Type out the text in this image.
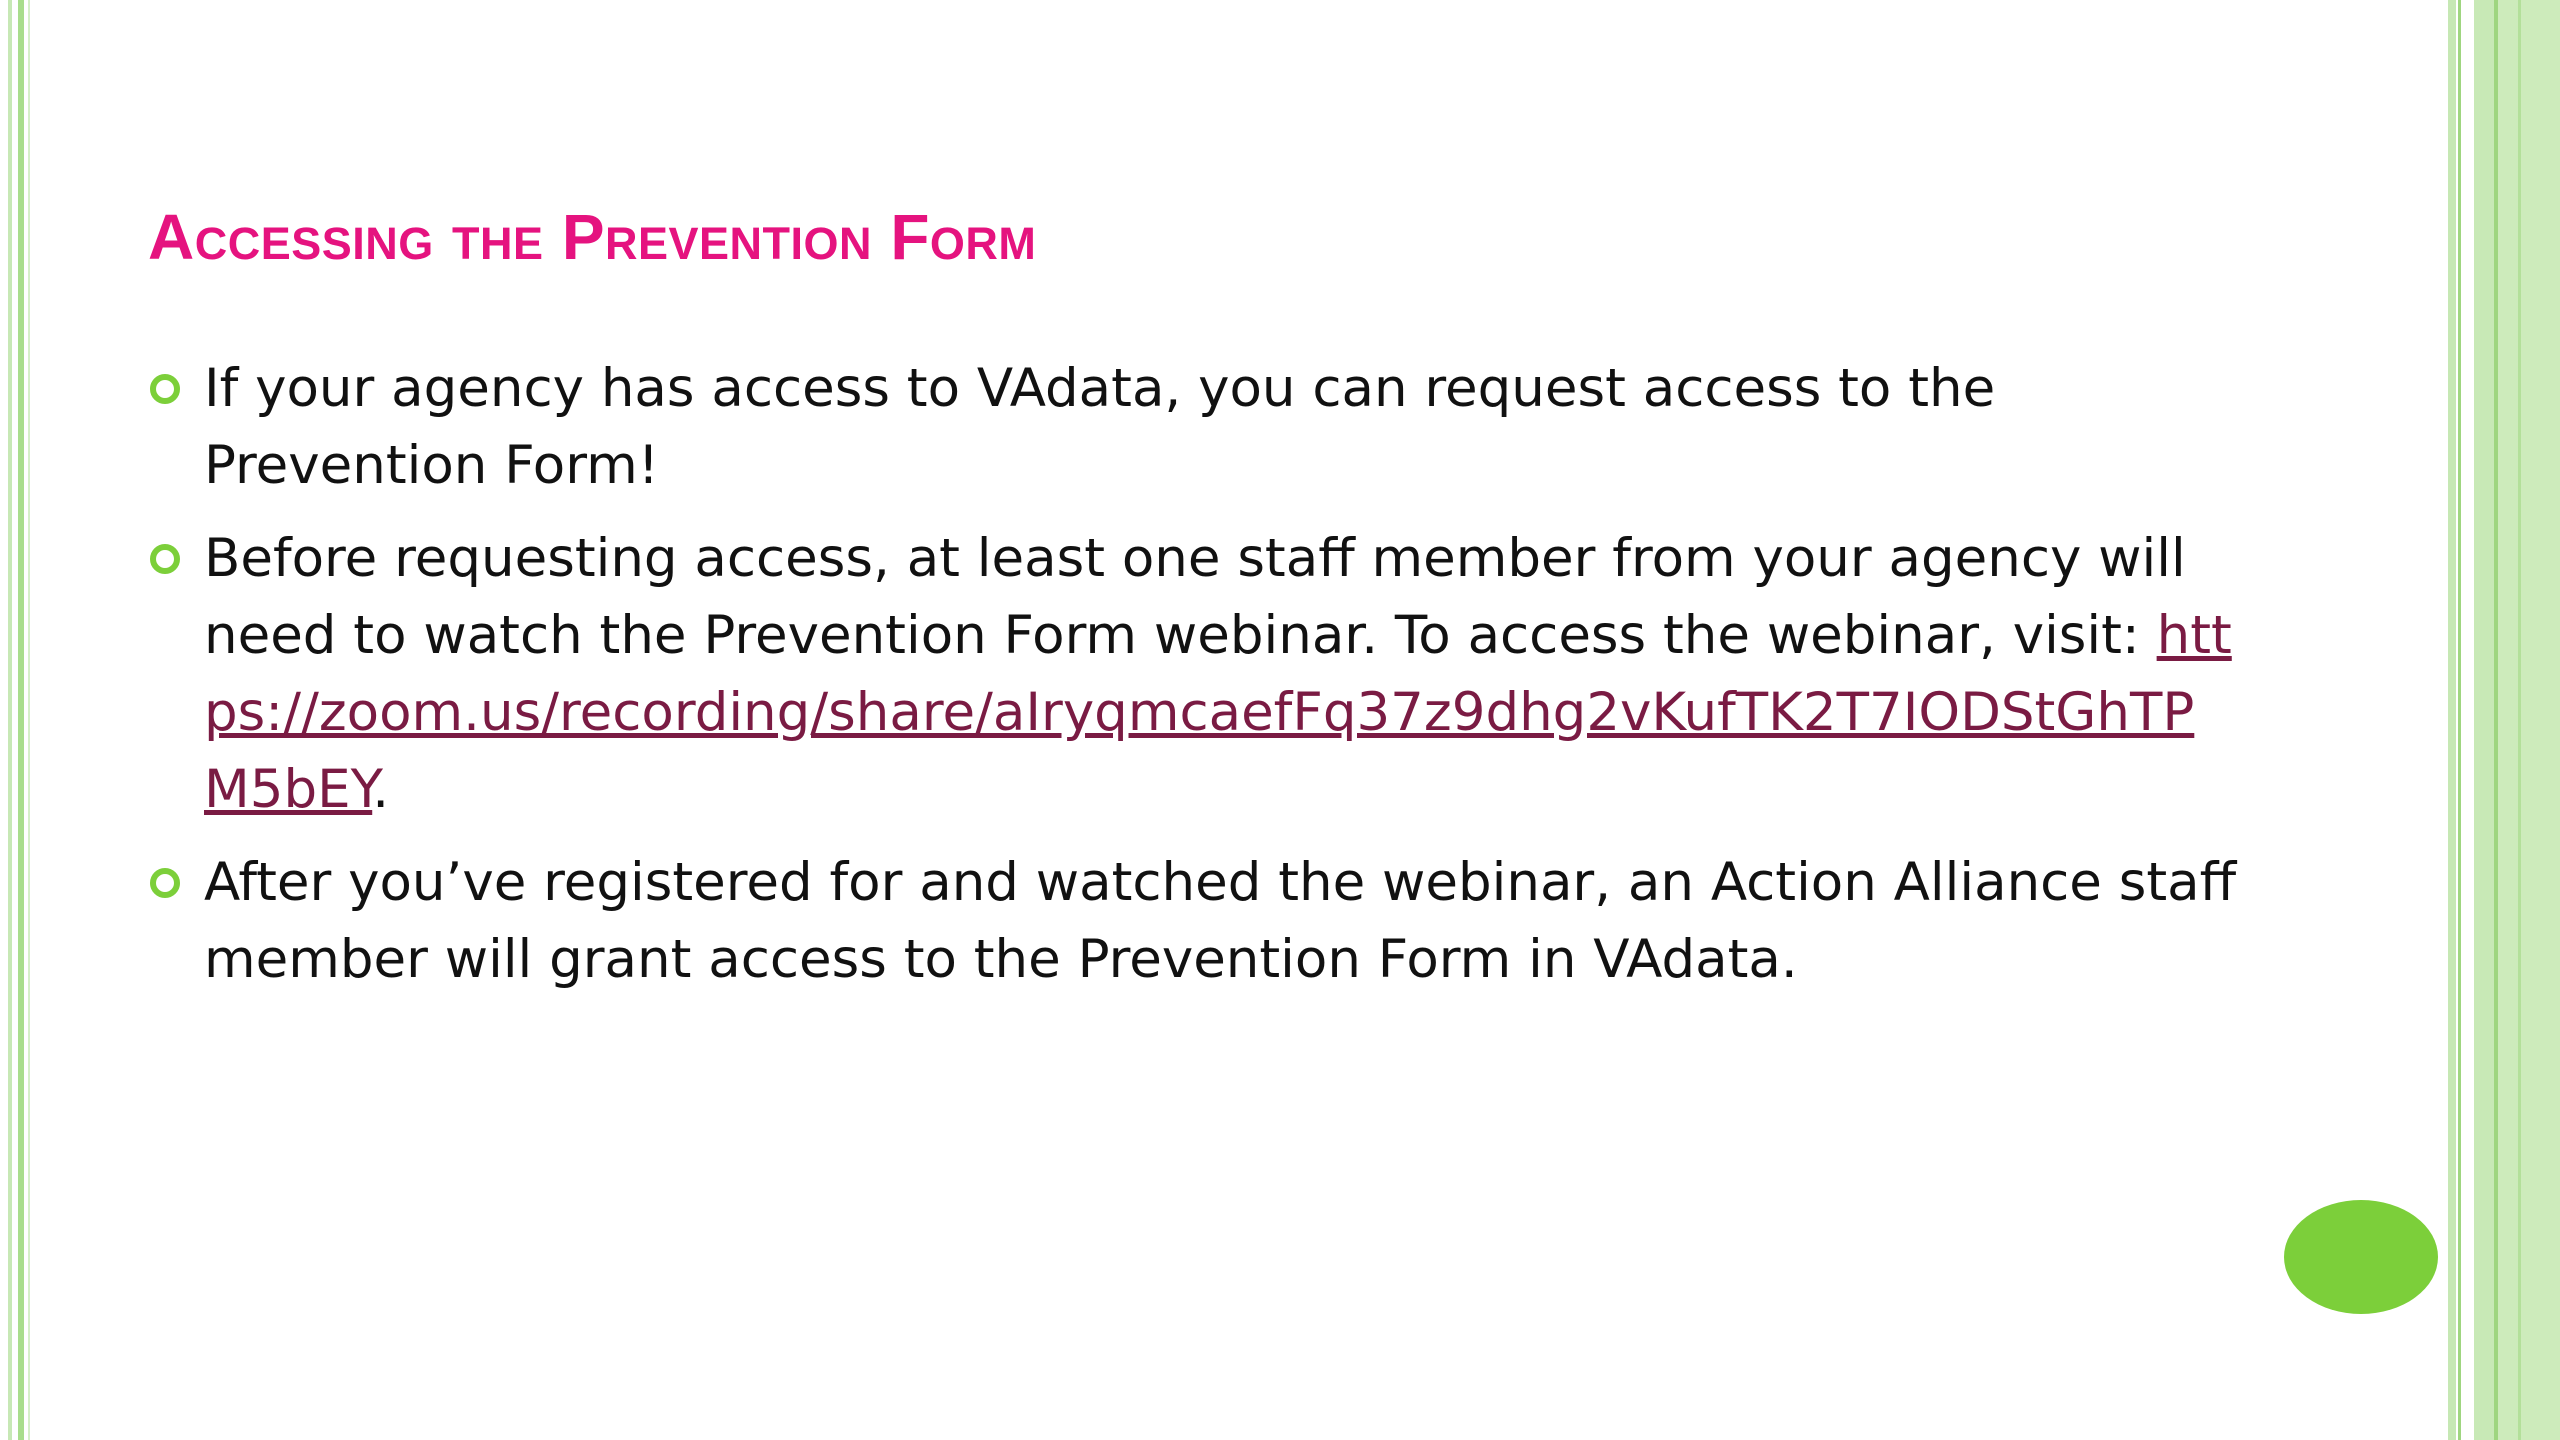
Accessing the Prevention Form
If your agency has access to VAdata, you can request access to the Prevention Form!
Before requesting access, at least one staff member from your agency will need to watch the Prevention Form webinar. To access the webinar, visit: https://zoom.us/recording/share/aIryqmcaefFq37z9dhg2vKufTK2T7IODStGhTPM5bEY.
After you’ve registered for and watched the webinar, an Action Alliance staff member will grant access to the Prevention Form in VAdata.
